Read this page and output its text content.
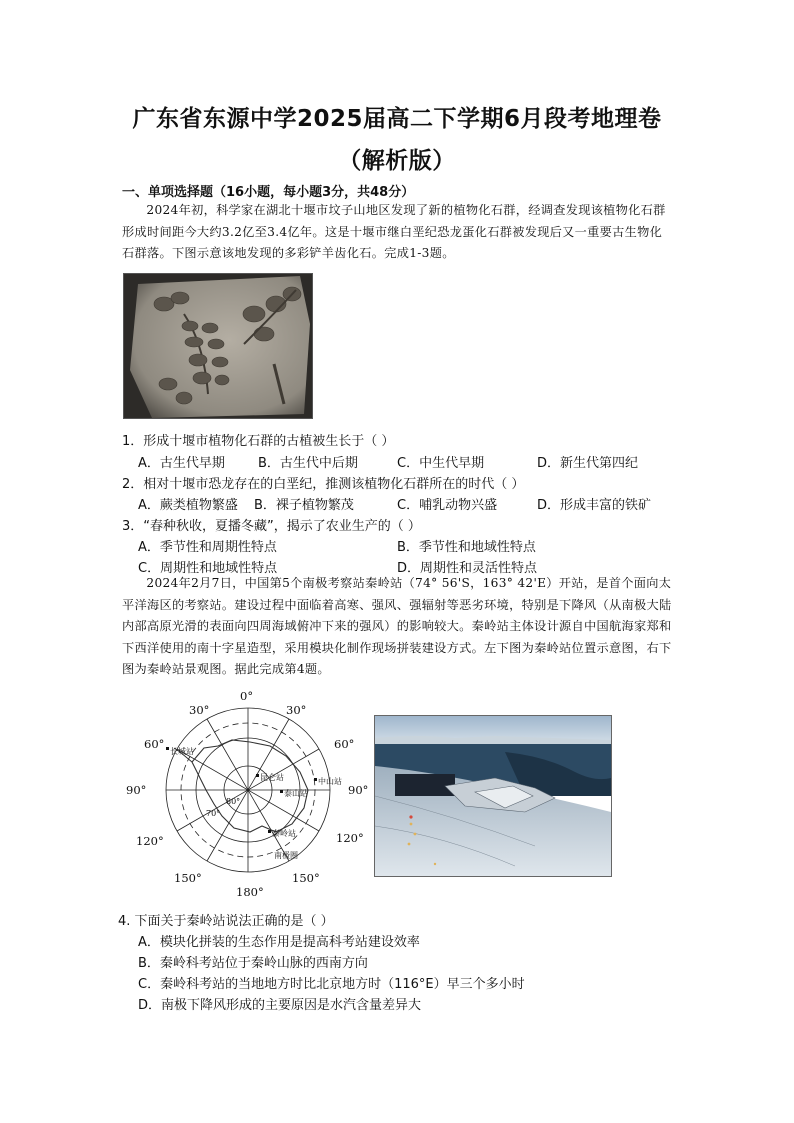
广东省东源中学2025届高二下学期6月段考地理卷
（解析版）
一、单项选择题（16小题，每小题3分，共48分）
2024年初，科学家在湖北十堰市坟子山地区发现了新的植物化石群，经调查发现该植物化石群形成时间距今大约3.2亿至3.4亿年。这是十堰市继白垩纪恐龙蛋化石群被发现后又一重要古生物化石群落。下图示意该地发现的多彩铲羊齿化石。完成1-3题。
1．形成十堰市植物化石群的古植被生长于（ ）
A．古生代早期	B．古生代中后期	C．中生代早期	D．新生代第四纪
2．相对十堰市恐龙存在的白垩纪，推测该植物化石群所在的时代（ ）
A．蕨类植物繁盛 B．裸子植物繁茂	C．哺乳动物兴盛	D．形成丰富的铁矿
3．“春种秋收，夏播冬藏”，揭示了农业生产的（ ）
A．季节性和周期性特点	B．季节性和地域性特点
C．周期性和地域性特点	D．周期性和灵活性特点
2024年2月7日，中国第5个南极考察站秦岭站（74° 56'S，163° 42'E）开站，是首个面向太平洋海区的考察站。建设过程中面临着高寒、强风、强辐射等恶劣环境，特别是下降风（从南极大陆内部高原光滑的表面向四周海域俯冲下来的强风）的影响较大。秦岭站主体设计源自中国航海家郑和下西洋使用的南十字星造型，采用模块化制作现场拼装建设方式。左下图为秦岭站位置示意图，右下图为秦岭站景观图。据此完成第4题。
0°
30°	30°
60°	60°
90°	90°
120°	120°
150°	150°
180°
70°
80°
长城站
昆仑站	中山站
泰山站
秦岭站
南极圈
4. 下面关于秦岭站说法正确的是（ ）
A．模块化拼装的生态作用是提高科考站建设效率
B．秦岭科考站位于秦岭山脉的西南方向
C．秦岭科考站的当地地方时比北京地方时（116°E）早三个多小时
D．南极下降风形成的主要原因是水汽含量差异大
